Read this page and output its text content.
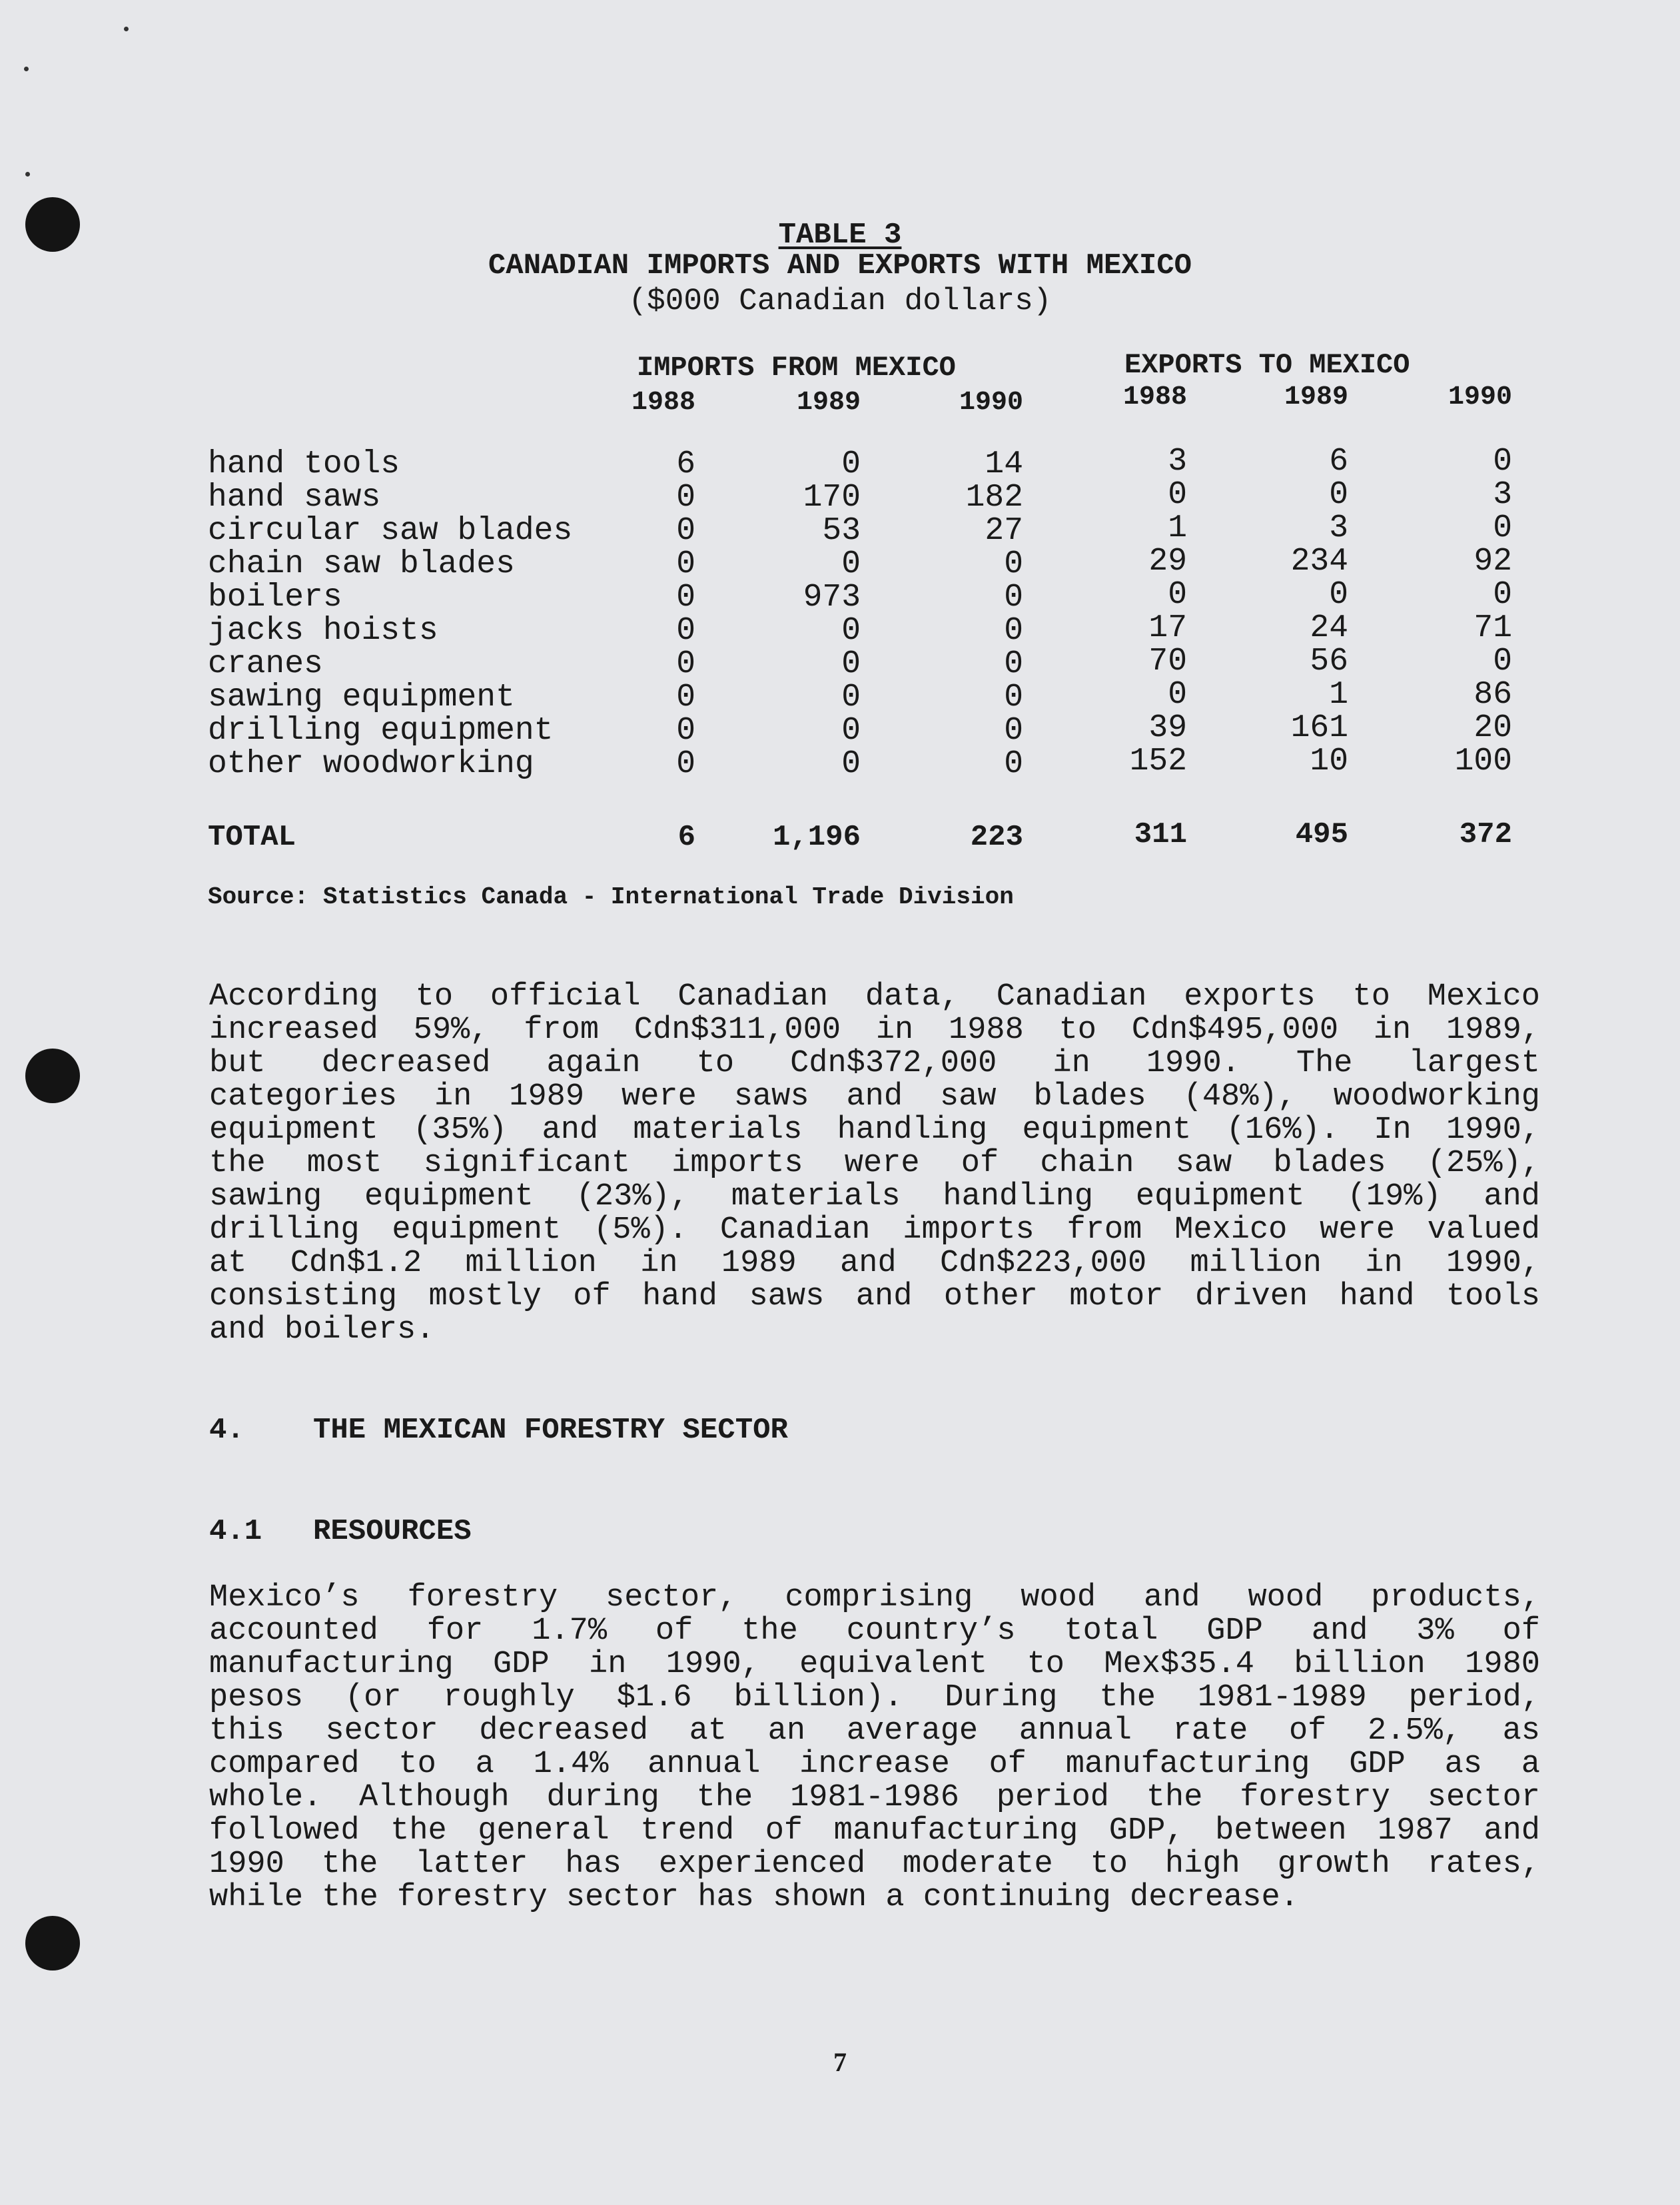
TABLE 3
CANADIAN IMPORTS AND EXPORTS WITH MEXICO
($000 Canadian dollars)
IMPORTS FROM MEXICO	EXPORTS TO MEXICO
1988	1989	1990	1988	1989	1990
hand tools	6	0	14	3	6	0
hand saws	0	170	182	0	0	3
circular saw blades	0	53	27	1	3	0
chain saw blades	0	0	0	29	234	92
boilers	0	973	0	0	0	0
jacks hoists	0	0	0	17	24	71
cranes	0	0	0	70	56	0
sawing equipment	0	0	0	0	1	86
drilling equipment	0	0	0	39	161	20
other woodworking	0	0	0	152	10	100
TOTAL	6	1,196	223	311	495	372
Source: Statistics Canada - International Trade Division
According to official Canadian data, Canadian exports to Mexico
increased 59%, from Cdn$311,000 in 1988 to Cdn$495,000 in 1989,
but decreased again to Cdn$372,000 in 1990. The largest
categories in 1989 were saws and saw blades (48%), woodworking
equipment (35%) and materials handling equipment (16%). In 1990,
the most significant imports were of chain saw blades (25%),
sawing equipment (23%), materials handling equipment (19%) and
drilling equipment (5%). Canadian imports from Mexico were valued
at Cdn$1.2 million in 1989 and Cdn$223,000 million in 1990,
consisting mostly of hand saws and other motor driven hand tools
and boilers.
4. THE MEXICAN FORESTRY SECTOR
4.1 RESOURCES
Mexico’s forestry sector, comprising wood and wood products,
accounted for 1.7% of the country’s total GDP and 3% of
manufacturing GDP in 1990, equivalent to Mex$35.4 billion 1980
pesos (or roughly $1.6 billion). During the 1981-1989 period,
this sector decreased at an average annual rate of 2.5%, as
compared to a 1.4% annual increase of manufacturing GDP as a
whole. Although during the 1981-1986 period the forestry sector
followed the general trend of manufacturing GDP, between 1987 and
1990 the latter has experienced moderate to high growth rates,
while the forestry sector has shown a continuing decrease.
7
